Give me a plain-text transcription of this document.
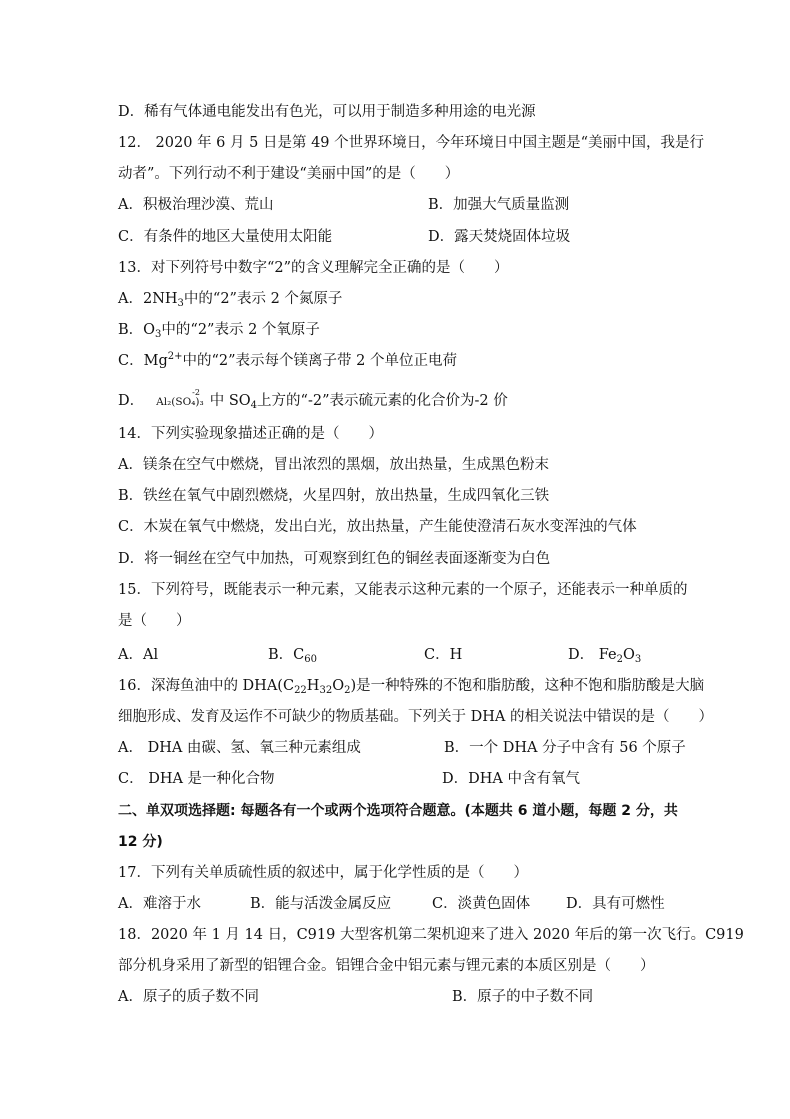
D．稀有气体通电能发出有色光，可以用于制造多种用途的电光源
12． 2020 年 6 月 5 日是第 49 个世界环境日，今年环境日中国主题是“美丽中国，我是行
动者”。下列行动不利于建设“美丽中国”的是（　　）
A．积极治理沙漠、荒山	B．加强大气质量监测
C．有条件的地区大量使用太阳能	D．露天焚烧固体垃圾
13．对下列符号中数字“2”的含义理解完全正确的是（　　）
A．$2NH_3$中的“2”表示 2 个氮原子
B．$O_3$中的“2”表示 2 个氧原子
C．$Mg^{2+}$中的“2”表示每个镁离子带 2 个单位正电荷
D．
-2
Al₂(SO₄)₃ 中 $SO_4$上方的“-2”表示硫元素的化合价为-2 价
14．下列实验现象描述正确的是（　　）
A．镁条在空气中燃烧，冒出浓烈的黑烟，放出热量，生成黑色粉末
B．铁丝在氧气中剧烈燃烧，火星四射，放出热量，生成四氧化三铁
C．木炭在氧气中燃烧，发出白光，放出热量，产生能使澄清石灰水变浑浊的气体
D．将一铜丝在空气中加热，可观察到红色的铜丝表面逐渐变为白色
15．下列符号，既能表示一种元素，又能表示这种元素的一个原子，还能表示一种单质的
是（　　）
A．Al	B．$C_{60}$	C．H	D． $Fe_2O_3$
16．深海鱼油中的 $DHA(C_{22}H_{32}O_2)$是一种特殊的不饱和脂肪酸，这种不饱和脂肪酸是大脑
细胞形成、发育及运作不可缺少的物质基础。下列关于 DHA 的相关说法中错误的是（　　）
A． DHA 由碳、氢、氧三种元素组成	B．一个 DHA 分子中含有 56 个原子
C． DHA 是一种化合物	D．DHA 中含有氧气
二、单双项选择题: 每题各有一个或两个选项符合题意。(本题共 6 道小题，每题 2 分，共
12 分)
17．下列有关单质硫性质的叙述中，属于化学性质的是（　　）
A．难溶于水	B．能与活泼金属反应	C．淡黄色固体 D．具有可燃性
18．2020 年 1 月 14 日，C919 大型客机第二架机迎来了进入 2020 年后的第一次飞行。C919
部分机身采用了新型的铝锂合金。铝锂合金中铝元素与锂元素的本质区别是（　　）
A．原子的质子数不同	B．原子的中子数不同
